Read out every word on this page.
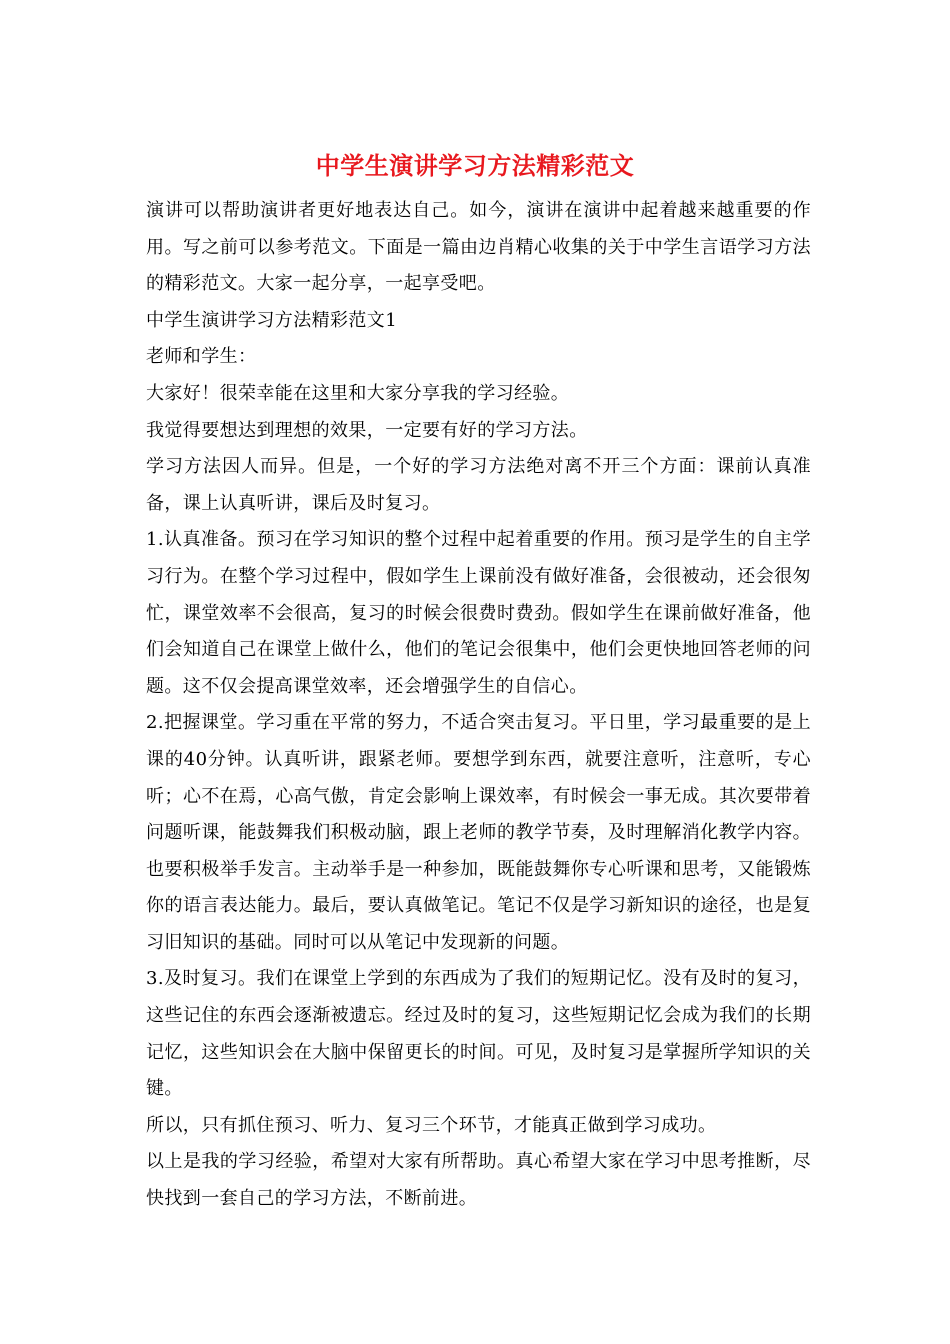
中学生演讲学习方法精彩范文

演讲可以帮助演讲者更好地表达自己。如今，演讲在演讲中起着越来越重要的作用。写之前可以参考范文。下面是一篇由边肖精心收集的关于中学生言语学习方法的精彩范文。大家一起分享，一起享受吧。

中学生演讲学习方法精彩范文1

老师和学生：

大家好！很荣幸能在这里和大家分享我的学习经验。

我觉得要想达到理想的效果，一定要有好的学习方法。

学习方法因人而异。但是，一个好的学习方法绝对离不开三个方面：课前认真准备，课上认真听讲，课后及时复习。

1.认真准备。预习在学习知识的整个过程中起着重要的作用。预习是学生的自主学习行为。在整个学习过程中，假如学生上课前没有做好准备，会很被动，还会很匆忙，课堂效率不会很高，复习的时候会很费时费劲。假如学生在课前做好准备，他们会知道自己在课堂上做什么，他们的笔记会很集中，他们会更快地回答老师的问题。这不仅会提高课堂效率，还会增强学生的自信心。

2.把握课堂。学习重在平常的努力，不适合突击复习。平日里，学习最重要的是上课的40分钟。认真听讲，跟紧老师。要想学到东西，就要注意听，注意听，专心听；心不在焉，心高气傲，肯定会影响上课效率，有时候会一事无成。其次要带着问题听课，能鼓舞我们积极动脑，跟上老师的教学节奏，及时理解消化教学内容。也要积极举手发言。主动举手是一种参加，既能鼓舞你专心听课和思考，又能锻炼你的语言表达能力。最后，要认真做笔记。笔记不仅是学习新知识的途径，也是复习旧知识的基础。同时可以从笔记中发现新的问题。

3.及时复习。我们在课堂上学到的东西成为了我们的短期记忆。没有及时的复习，这些记住的东西会逐渐被遗忘。经过及时的复习，这些短期记忆会成为我们的长期记忆，这些知识会在大脑中保留更长的时间。可见，及时复习是掌握所学知识的关键。

所以，只有抓住预习、听力、复习三个环节，才能真正做到学习成功。

以上是我的学习经验，希望对大家有所帮助。真心希望大家在学习中思考推断，尽快找到一套自己的学习方法，不断前进。
